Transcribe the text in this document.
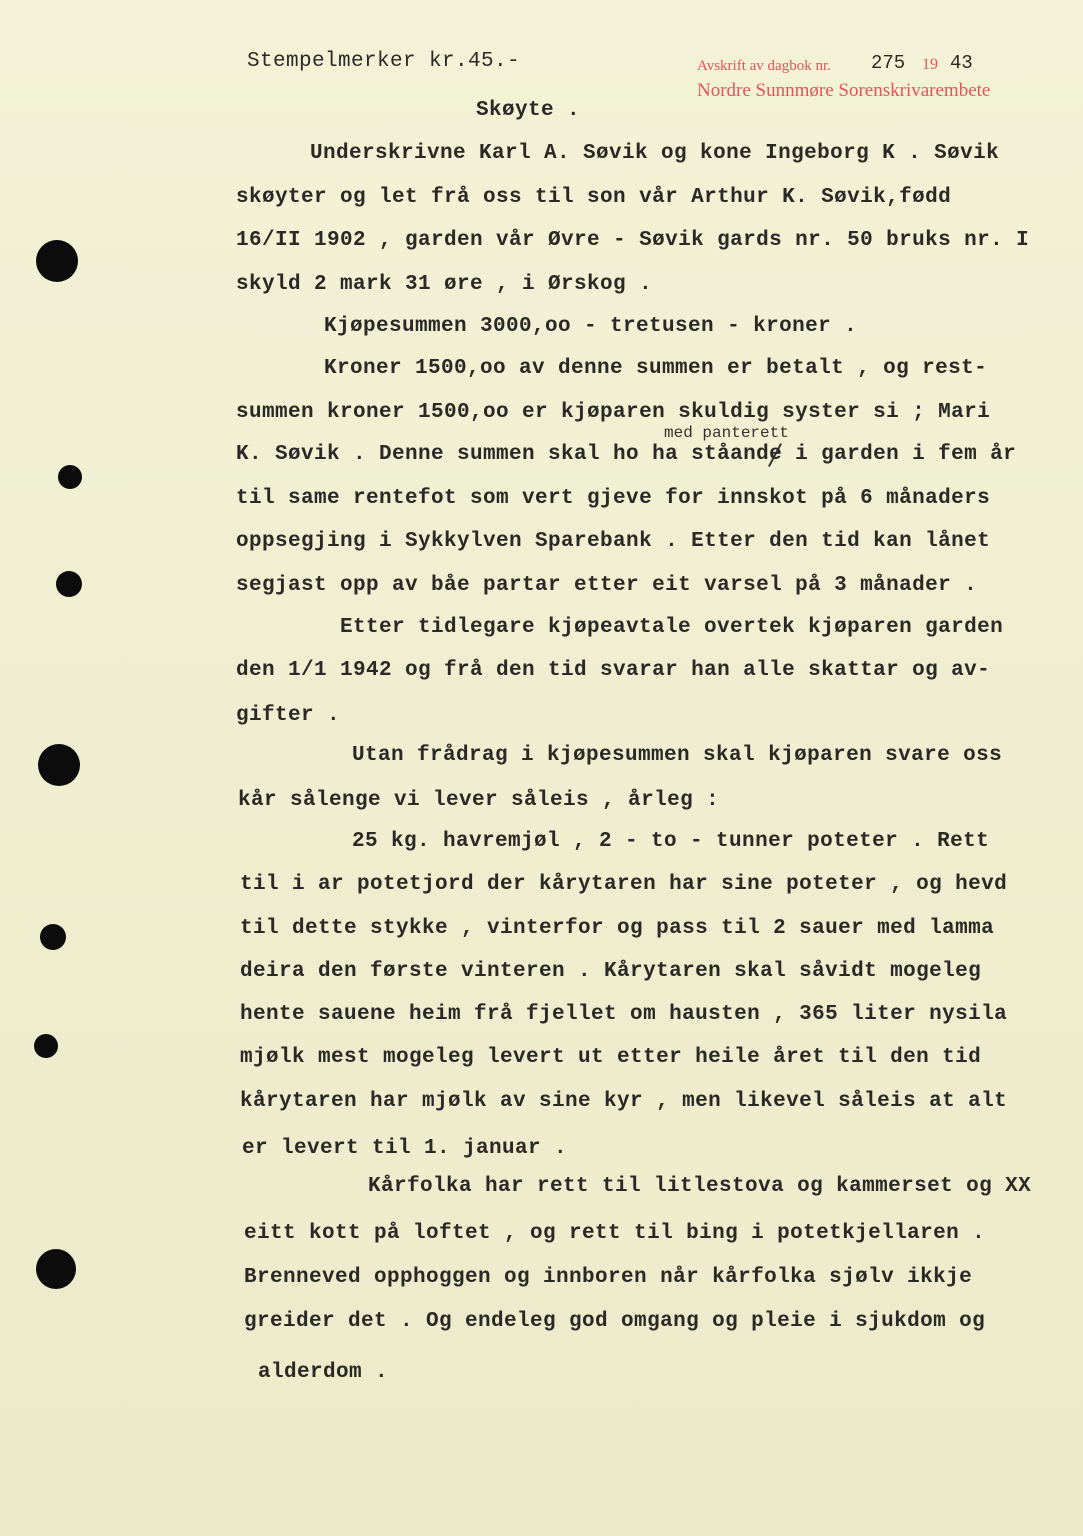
Stempelmerker kr.45.-	Avskrift av dagbok nr. 275 19 43
Nordre Sunnmøre Sorenskrivarembete
Skøyte .
Underskrivne Karl A. Søvik og kone Ingeborg K . Søvik
skøyter og let frå oss til son vår Arthur K. Søvik,fødd
16/II 1902 , garden vår Øvre - Søvik gards nr. 50 bruks nr. I
skyld 2 mark 31 øre , i Ørskog .
Kjøpesummen 3000,oo - tretusen - kroner .
Kroner 1500,oo av denne summen er betalt , og rest-
summen kroner 1500,oo er kjøparen skuldig syster si ; Mari
med panterett
K. Søvik . Denne summen skal ho ha ståande i garden i fem år
til same rentefot som vert gjeve for innskot på 6 månaders
oppsegjing i Sykkylven Sparebank . Etter den tid kan lånet
segjast opp av båe partar etter eit varsel på 3 månader .
Etter tidlegare kjøpeavtale overtek kjøparen garden
den 1/1 1942 og frå den tid svarar han alle skattar og av-
gifter .
Utan frådrag i kjøpesummen skal kjøparen svare oss
kår sålenge vi lever såleis , årleg :
25 kg. havremjøl , 2 - to - tunner poteter . Rett
til i ar potetjord der kårytaren har sine poteter , og hevd
til dette stykke , vinterfor og pass til 2 sauer med lamma
deira den første vinteren . Kårytaren skal såvidt mogeleg
hente sauene heim frå fjellet om hausten , 365 liter nysila
mjølk mest mogeleg levert ut etter heile året til den tid
kårytaren har mjølk av sine kyr , men likevel såleis at alt
er levert til 1. januar .
Kårfolka har rett til litlestova og kammerset og XX
eitt kott på loftet , og rett til bing i potetkjellaren .
Brenneved opphoggen og innboren når kårfolka sjølv ikkje
greider det . Og endeleg god omgang og pleie i sjukdom og
alderdom .
